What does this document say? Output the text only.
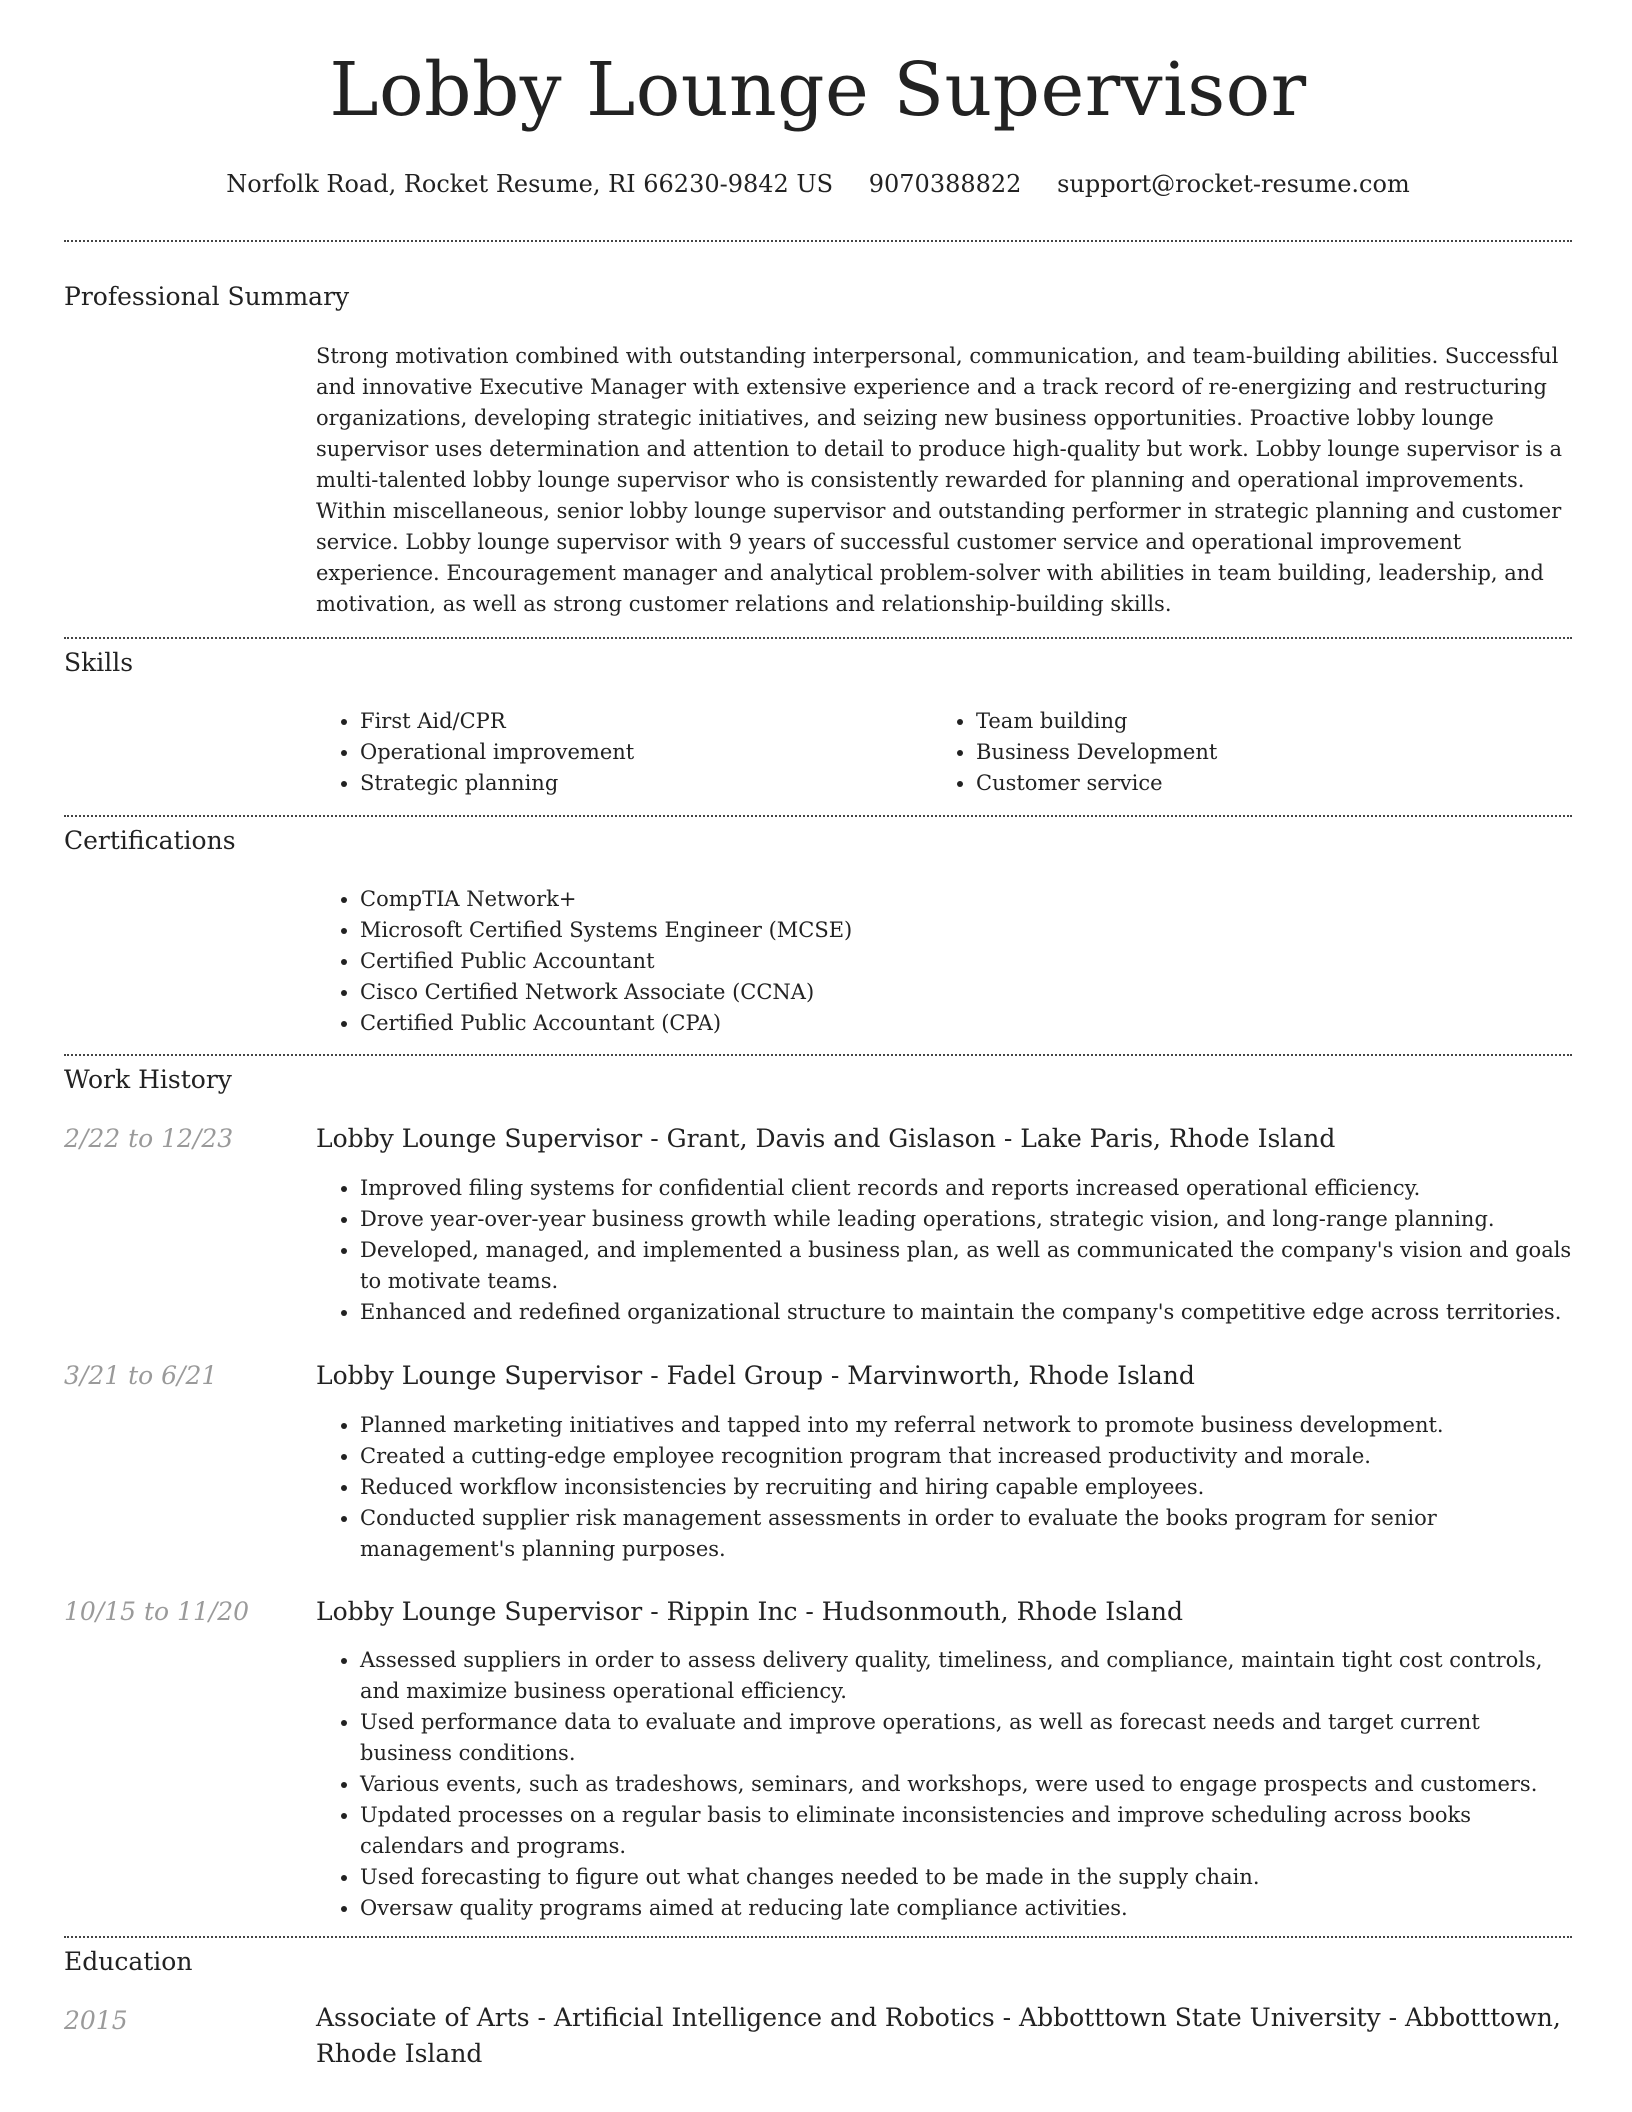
Lobby Lounge Supervisor
Norfolk Road, Rocket Resume, RI 66230-9842 US 9070388822 support@rocket-resume.com
Professional Summary
Strong motivation combined with outstanding interpersonal, communication, and team-building abilities. Successful and innovative Executive Manager with extensive experience and a track record of re-energizing and restructuring organizations, developing strategic initiatives, and seizing new business opportunities. Proactive lobby lounge supervisor uses determination and attention to detail to produce high-quality but work. Lobby lounge supervisor is a multi-talented lobby lounge supervisor who is consistently rewarded for planning and operational improvements. Within miscellaneous, senior lobby lounge supervisor and outstanding performer in strategic planning and customer service. Lobby lounge supervisor with 9 years of successful customer service and operational improvement experience. Encouragement manager and analytical problem-solver with abilities in team building, leadership, and motivation, as well as strong customer relations and relationship-building skills.
Skills
• First Aid/CPR
• Operational improvement
• Strategic planning
• Team building
• Business Development
• Customer service
Certifications
• CompTIA Network+
• Microsoft Certified Systems Engineer (MCSE)
• Certified Public Accountant
• Cisco Certified Network Associate (CCNA)
• Certified Public Accountant (CPA)
Work History
2/22 to 12/23	Lobby Lounge Supervisor - Grant, Davis and Gislason - Lake Paris, Rhode Island
• Improved filing systems for confidential client records and reports increased operational efficiency.
• Drove year-over-year business growth while leading operations, strategic vision, and long-range planning.
• Developed, managed, and implemented a business plan, as well as communicated the company's vision and goals to motivate teams.
• Enhanced and redefined organizational structure to maintain the company's competitive edge across territories.
3/21 to 6/21	Lobby Lounge Supervisor - Fadel Group - Marvinworth, Rhode Island
• Planned marketing initiatives and tapped into my referral network to promote business development.
• Created a cutting-edge employee recognition program that increased productivity and morale.
• Reduced workflow inconsistencies by recruiting and hiring capable employees.
• Conducted supplier risk management assessments in order to evaluate the books program for senior management's planning purposes.
10/15 to 11/20	Lobby Lounge Supervisor - Rippin Inc - Hudsonmouth, Rhode Island
• Assessed suppliers in order to assess delivery quality, timeliness, and compliance, maintain tight cost controls, and maximize business operational efficiency.
• Used performance data to evaluate and improve operations, as well as forecast needs and target current business conditions.
• Various events, such as tradeshows, seminars, and workshops, were used to engage prospects and customers.
• Updated processes on a regular basis to eliminate inconsistencies and improve scheduling across books calendars and programs.
• Used forecasting to figure out what changes needed to be made in the supply chain.
• Oversaw quality programs aimed at reducing late compliance activities.
Education
2015	Associate of Arts - Artificial Intelligence and Robotics - Abbotttown State University - Abbotttown, Rhode Island
